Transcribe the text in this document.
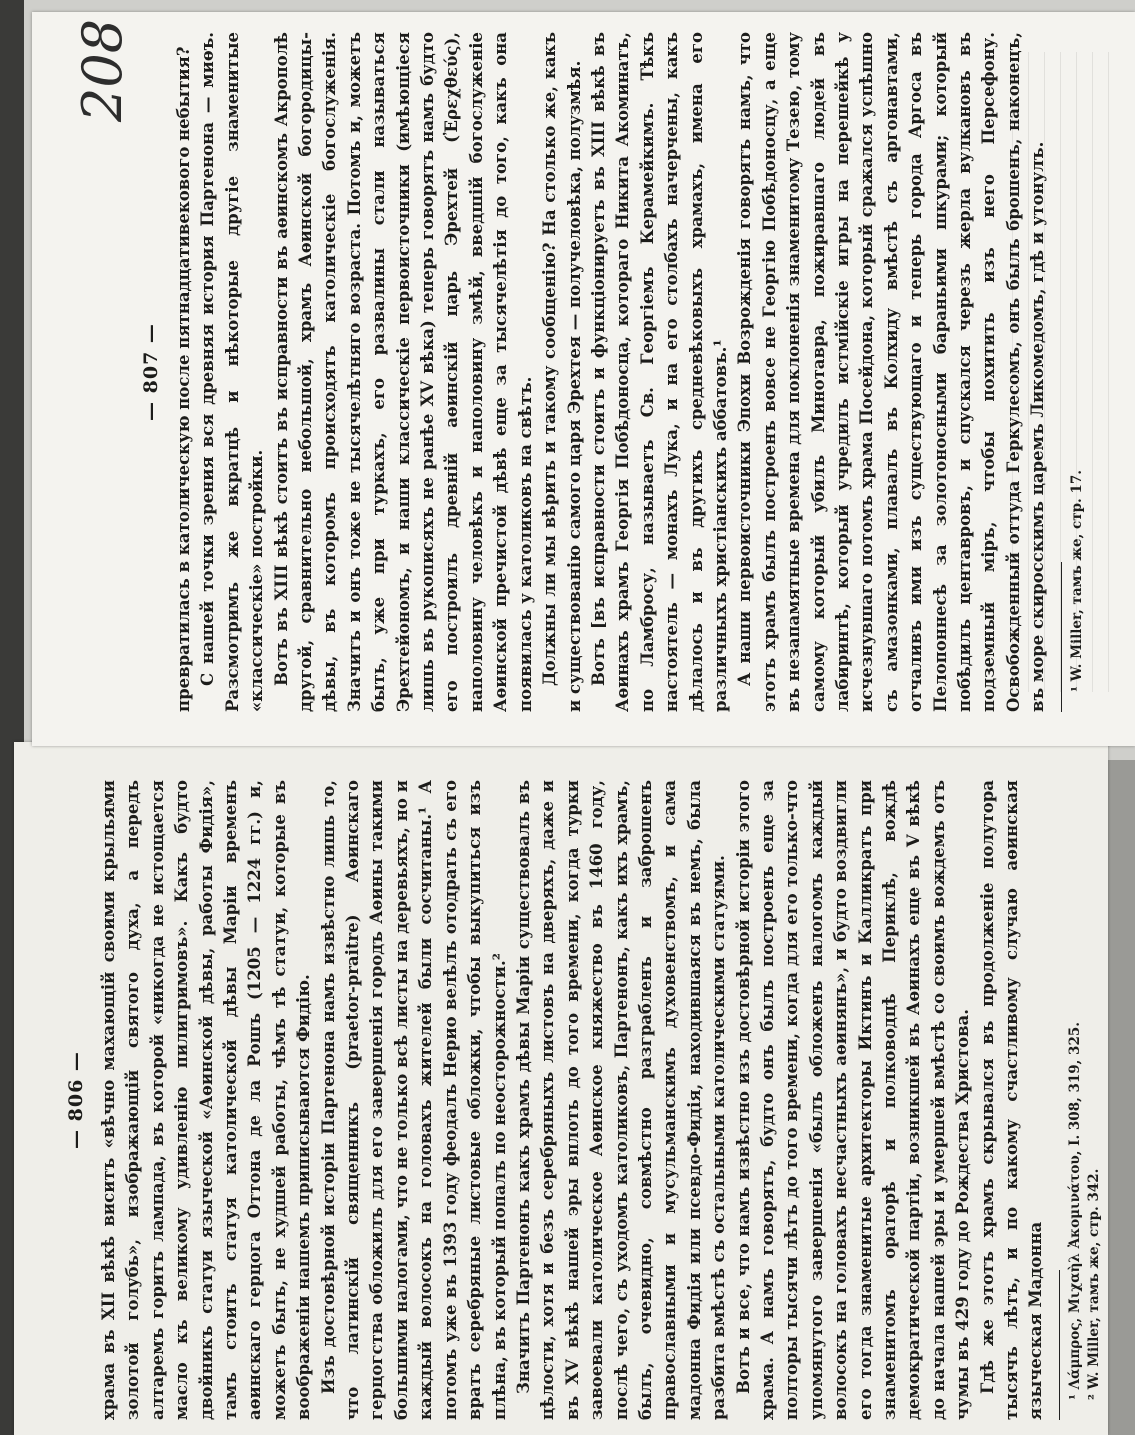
208
— 807 — превратилась в католическую после пятнадцативекового небытия? С нашей точки зрения вся древняя история Партенона — миѳъ. Разсмотримъ же вкратцѣ и нѣкоторые другіе знаменитые «классическіе» постройки. Вотъ въ XIII вѣкѣ стоитъ въ исправности въ аѳинскомъ Акрополѣ другой, сравнительно небольшой, храмъ Аѳинской богородицы-дѣвы, въ которомъ происходятъ католическіе богослуженія. Значитъ и онъ тоже не тысячелѣтняго возраста. Потомъ и, можетъ быть, уже при туркахъ, его развалины стали называться Эрехтейономъ, и наши классическіе первоисточники (имѣющіеся лишь въ рукописяхъ не ранѣе XV вѣка) теперь говорятъ намъ будто его построилъ древній аѳинскій царь Эрехтей (Ἐρεχθεύς), наполовину человѣкъ и наполовину змѣй, введшій богослуженіе Аѳинской пречистой дѣвѣ еще за тысячелѣтія до того, какъ она появилась у католиковъ на свѣтъ. Должны ли мы вѣрить и такому сообщенію? На столько же, какъ и существованію самого царя Эрехтея — получеловѣка, полузмѣя. Вотъ [въ исправности стоитъ и функціонируетъ въ XIII вѣкѣ въ Аѳинахъ храмъ Георгія Побѣдоносца, котораго Никита Акоминатъ, по Ламбросу, называетъ Св. Георгіемъ Керамейкимъ. Тѣкъ настоятель — монахъ Лука, и на его столбахъ начерчены, какъ дѣлалось и въ другихъ средневѣковыхъ храмахъ, имена его различныхъ христіанскихъ аббатовъ.¹ А наши первоисточники Эпохи Возрожденія говорятъ намъ, что этотъ храмъ былъ построенъ вовсе не Георгію Побѣдоносцу, а еще въ незапамятные времена для поклоненія знаменитому Тезею, тому самому который убилъ Минотавра, пожиравшаго людей въ лабиринтѣ, который учредилъ истмійскіе игры на перешейкѣ у исчезнувшаго потомъ храма Посейдона, который сражался успѣшно съ амазонками, плавалъ въ Колхиду вмѣстѣ съ аргонавтами, отчаливъ ими изъ существующаго и теперь города Аргоса въ Пелопоннесѣ за золотоносными бараньими шкурами; который побѣдилъ центавровъ, и спускался черезъ жерла вулкановъ въ подземный міръ, чтобы похитить изъ него Персефону. Освобожденный оттуда Геркулесомъ, онъ былъ брошенъ, наконецъ, въ море скиросскимъ царемъ Ликомедомъ, гдѣ и утонулъ. ¹ W. Miller, тамъ же, стр. 17.

— 806 — храма въ XII вѣкѣ виситъ «вѣчно махающій своими крыльями золотой голубь», изображающій святого духа, а передъ алтаремъ горитъ лампада, въ которой «никогда не истощается масло къ великому удивленію пилигримовъ». Какъ будто двойникъ статуи языческой «Аѳинской дѣвы, работы Фидія», тамъ стоитъ статуя католической дѣвы Маріи временъ аѳинскаго герцога Оттона де ла Рошъ (1205 — 1224 гг.) и, можетъ быть, не худшей работы, чѣмъ тѣ статуи, которые въ воображеніи нашемъ приписываются Фидію. Изъ достовѣрной исторіи Партенона намъ извѣстно лишь то, что латинскій священникъ (praetor-praitre) Аѳинскаго герцогства обложилъ для его завершенія городъ Аѳины такими большими налогами, что не только всѣ листы на деревьяхъ, но и каждый волосокъ на головахъ жителей были сосчитаны.¹ А потомъ уже въ 1393 году феодалъ Нерио велѣлъ отодрать съ его вратъ серебряные листовые обложки, чтобы выкупиться изъ плѣна, въ который попалъ по неосторожности.² Значитъ Партенонъ какъ храмъ дѣвы Маріи существовалъ въ цѣлости, хотя и безъ серебряныхъ листовъ на дверяхъ, даже и въ XV вѣкѣ нашей эры вплоть до того времени, когда турки завоевали католическое Аѳинское княжество въ 1460 году, послѣ чего, съ уходомъ католиковъ, Партенонъ, какъ ихъ храмъ, былъ, очевидно, совмѣстно разграбленъ и заброшенъ православными и мусульманскимъ духовенствомъ, и сама мадонна Фидія или псевдо-Фидія, находившаяся въ немъ, была разбита вмѣстѣ съ остальными католическими статуями. Вотъ и все, что намъ извѣстно изъ достовѣрной исторіи этого храма. А намъ говорятъ, будто онъ былъ построенъ еще за полторы тысячи лѣтъ до того времени, когда для его только-что упомянутого завершенія «былъ обложенъ налогомъ каждый волосокъ на головахъ несчастныхъ аѳинянъ», и будто воздвигли его тогда знаменитые архитекторы Иктинъ и Калликратъ при знаменитомъ ораторѣ и полководцѣ Периклѣ, вождѣ демократической партіи, возникшей въ Аѳинахъ еще въ V вѣкѣ до начала нашей эры и умершей вмѣстѣ со своимъ вождемъ отъ чумы въ 429 году до Рождества Христова. Гдѣ же этотъ храмъ скрывался въ продолженіе полутора тысячъ лѣтъ, и по какому счастливому случаю аѳинская языческая Мадонна ¹ Λάμπρος, Μιχαὴλ Ἀκομινάτου, I. 308, 319, 325. ² W. Miller, тамъ же, стр. 342.
